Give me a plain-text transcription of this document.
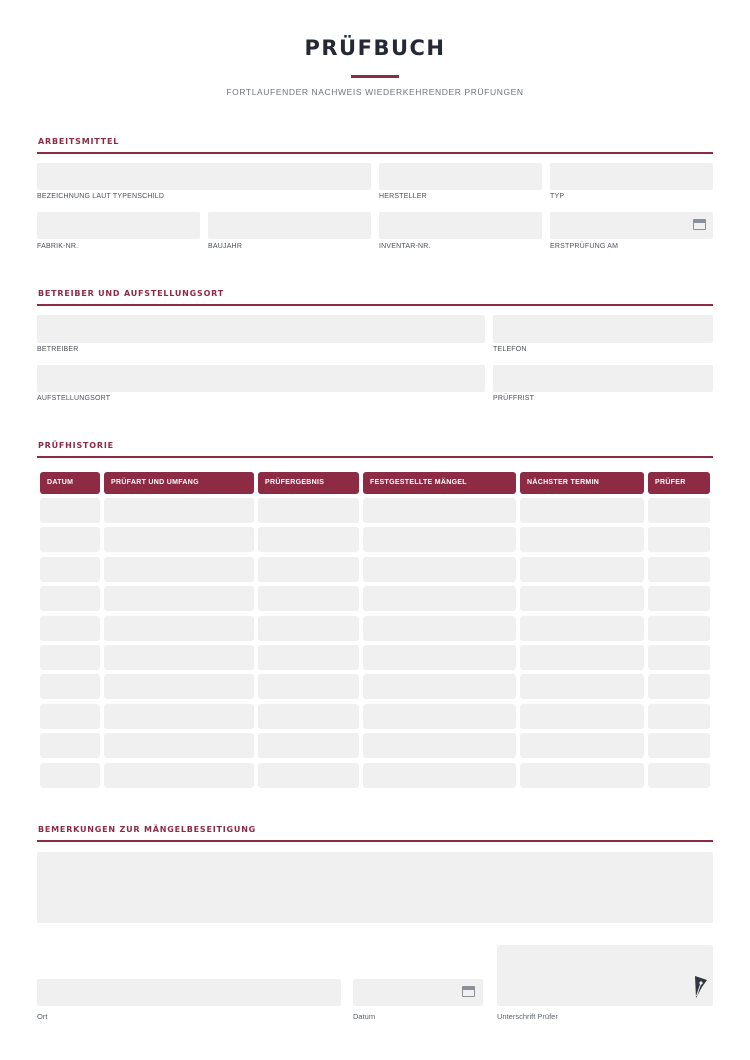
PRÜFBUCH
FORTLAUFENDER NACHWEIS WIEDERKEHRENDER PRÜFUNGEN
ARBEITSMITTEL
BEZEICHNUNG LAUT TYPENSCHILD	HERSTELLER	TYP
FABRIK-NR.	BAUJAHR	INVENTAR-NR.	ERSTPRÜFUNG AM
BETREIBER UND AUFSTELLUNGSORT
BETREIBER	TELEFON
AUFSTELLUNGSORT	PRÜFFRIST
PRÜFHISTORIE
DATUM	PRÜFART UND UMFANG	PRÜFERGEBNIS	FESTGESTELLTE MÄNGEL	NÄCHSTER TERMIN	PRÜFER
BEMERKUNGEN ZUR MÄNGELBESEITIGUNG
Ort	Datum	Unterschrift Prüfer
